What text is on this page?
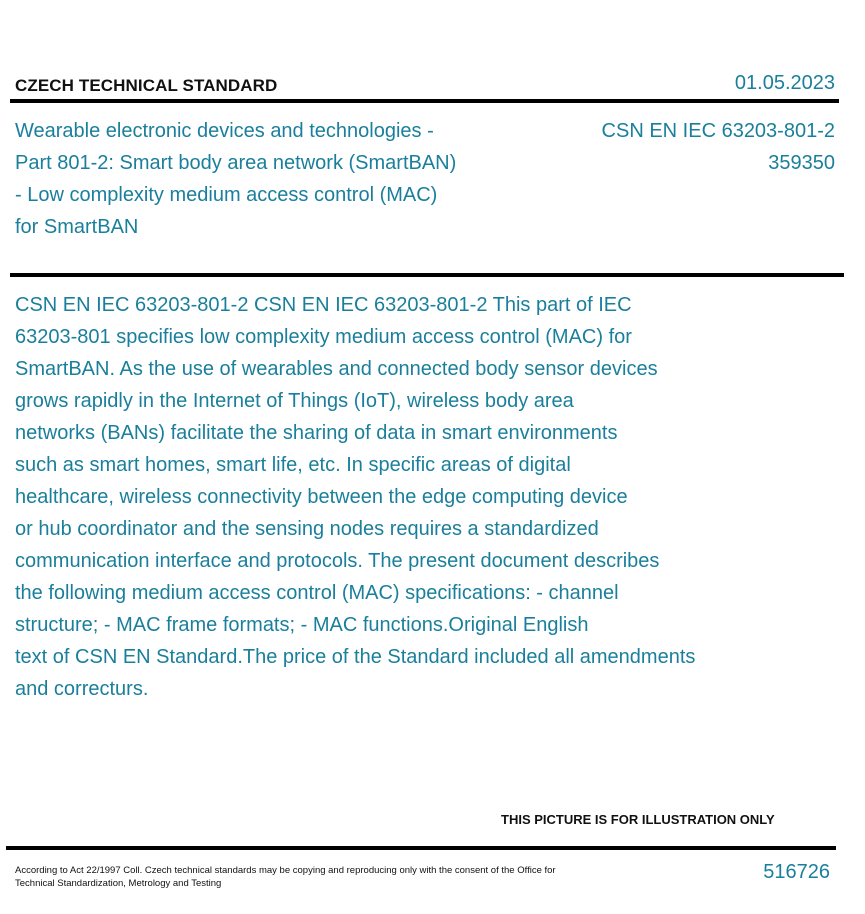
CZECH TECHNICAL STANDARD	01.05.2023
Wearable electronic devices and technologies - Part 801-2: Smart body area network (SmartBAN) - Low complexity medium access control (MAC) for SmartBAN
CSN EN IEC 63203-801-2
359350
CSN EN IEC 63203-801-2 CSN EN IEC 63203-801-2 This part of IEC
63203-801 specifies low complexity medium access control (MAC) for
SmartBAN. As the use of wearables and connected body sensor devices
grows rapidly in the Internet of Things (IoT), wireless body area
networks (BANs) facilitate the sharing of data in smart environments
such as smart homes, smart life, etc. In specific areas of digital
healthcare, wireless connectivity between the edge computing device
or hub coordinator and the sensing nodes requires a standardized
communication interface and protocols. The present document describes
the following medium access control (MAC) specifications: - channel
structure; - MAC frame formats; - MAC functions.Original English
text of CSN EN Standard.The price of the Standard included all amendments
and correcturs.
THIS PICTURE IS FOR ILLUSTRATION ONLY
According to Act 22/1997 Coll. Czech technical standards may be copying and reproducing only with the consent of the Office for Technical Standardization, Metrology and Testing
516726
